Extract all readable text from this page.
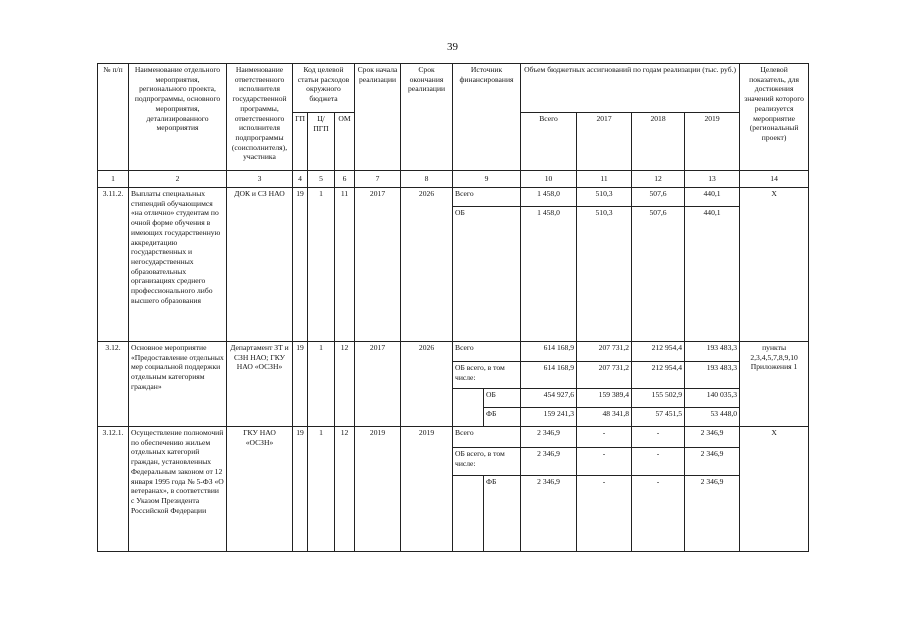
39
№ п/п	Наименование отдельного мероприятия, регионального проекта, подпрограммы, основного мероприятия, детализированного мероприятия	Наименование ответственного исполнителя государственной программы, ответственного исполнителя подпрограммы (соисполнителя), участника	Код целевой статьи расходов окружного бюджета			Срок начала реализации	Срок окончания реализации	Источник финансирования		Объем бюджетных ассигнований по годам реализации (тыс. руб.)				Целевой показатель, для достижения значений которого реализуется мероприятие (региональный проект)
			ГП	Ц/ПГП	ОМ					Всего	2017	2018	2019	
1	2	3	4	5	6	7	8	9		10	11	12	13	14
3.11.2.	Выплаты специальных стипендий обучающимся «на отлично» студентам по очной форме обучения в имеющих государственную аккредитацию государственных и негосударственных образовательных организациях среднего профессионального либо высшего образования	ДОК и СЗ НАО	19	1	11	2017	2026	Всего		1 458,0	510,3	507,6	440,1	Х
								ОБ		1 458,0	510,3	507,6	440,1	
3.12.	Основное мероприятие «Предоставление отдельных мер социальной поддержки отдельным категориям граждан»	Департамент ЗТ и СЗН НАО; ГКУ НАО «ОСЗН»	19	1	12	2017	2026	Всего		614 168,9	207 731,2	212 954,4	193 483,3	пункты 2,3,4,5,7,8,9,10 Приложения 1
								ОБ всего, в том числе:		614 168,9	207 731,2	212 954,4	193 483,3	
									ОБ	454 927,6	159 389,4	155 502,9	140 035,3	
									ФБ	159 241,3	48 341,8	57 451,5	53 448,0	
3.12.1.	Осуществление полномочий по обеспечению жильем отдельных категорий граждан, установленных Федеральным законом от 12 января 1995 года № 5-ФЗ «О ветеранах», в соответствии с Указом Президента Российской Федерации	ГКУ НАО «ОСЗН»	19	1	12	2019	2019	Всего		2 346,9	-	-	2 346,9	Х
								ОБ всего, в том числе:		2 346,9	-	-	2 346,9	
									ФБ	2 346,9	-	-	2 346,9	
